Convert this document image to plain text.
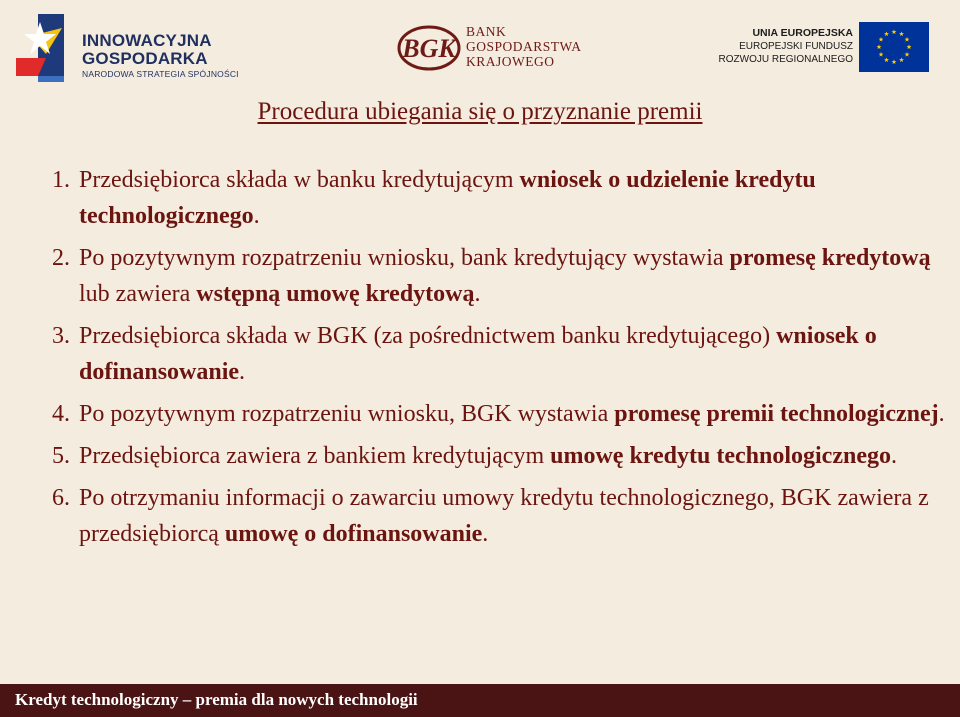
INNOWACYJNA
GOSPODARKA
NARODOWA STRATEGIA SPÓJNOŚCI
BGK
BANK
GOSPODARSTWA
KRAJOWEGO
UNIA EUROPEJSKA
EUROPEJSKI FUNDUSZ
ROZWOJU REGIONALNEGO
Procedura ubiegania się o przyznanie premii
1. Przedsiębiorca składa w banku kredytującym wniosek o udzielenie kredytu technologicznego.
2. Po pozytywnym rozpatrzeniu wniosku, bank kredytujący wystawia promesę kredytową lub zawiera wstępną umowę kredytową.
3. Przedsiębiorca składa w BGK (za pośrednictwem banku kredytującego) wniosek o dofinansowanie.
4. Po pozytywnym rozpatrzeniu wniosku, BGK wystawia promesę premii technologicznej.
5. Przedsiębiorca zawiera z bankiem kredytującym umowę kredytu technologicznego.
6. Po otrzymaniu informacji o zawarciu umowy kredytu technologicznego, BGK zawiera z przedsiębiorcą umowę o dofinansowanie.
Kredyt technologiczny – premia dla nowych technologii
